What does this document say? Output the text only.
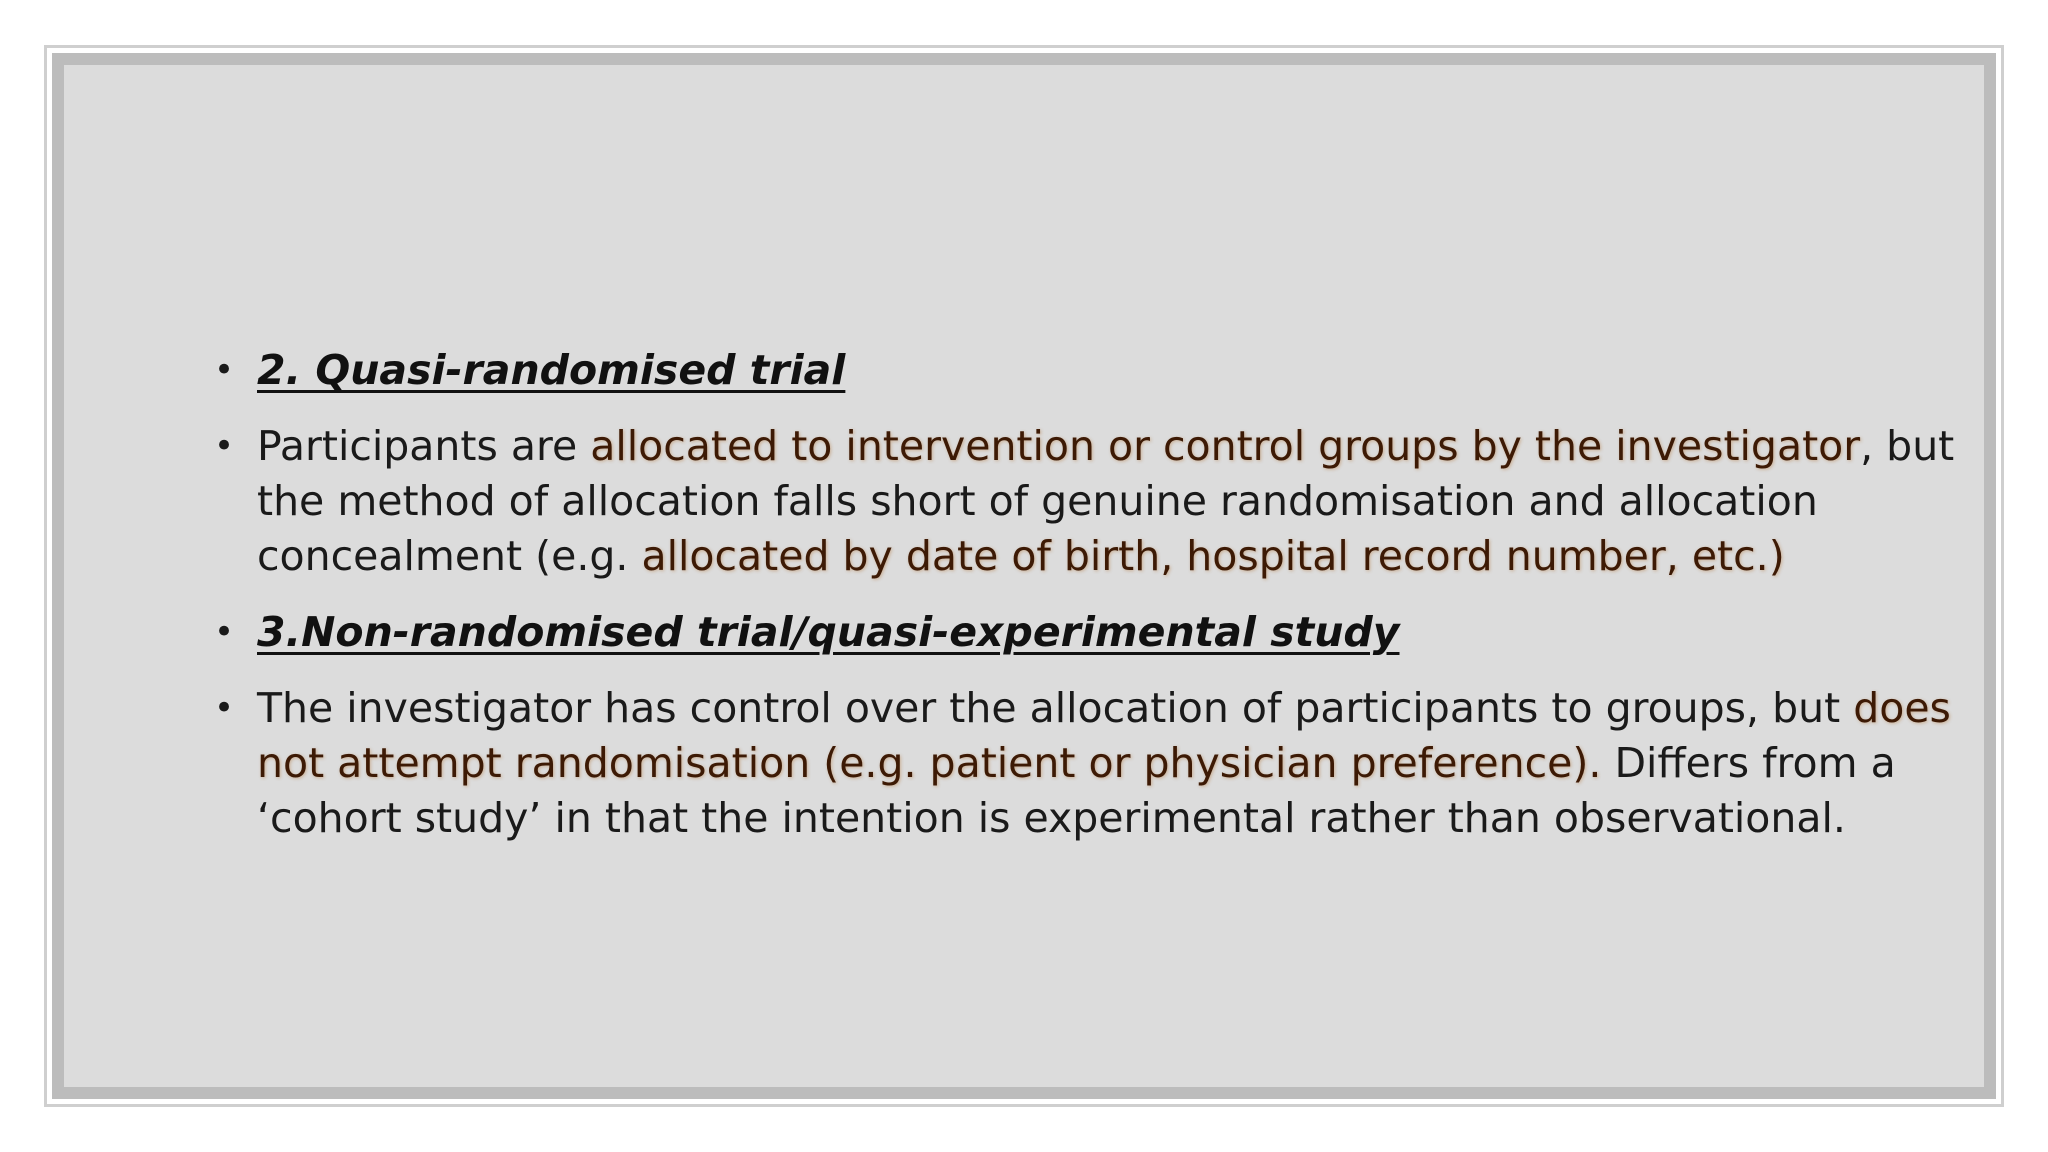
• 2. Quasi-randomised trial
• Participants are allocated to intervention or control groups by the investigator, but the method of allocation falls short of genuine randomisation and allocation concealment (e.g. allocated by date of birth, hospital record number, etc.)
• 3.Non-randomised trial/quasi-experimental study
• The investigator has control over the allocation of participants to groups, but does not attempt randomisation (e.g. patient or physician preference). Differs from a ‘cohort study’ in that the intention is experimental rather than observational.
